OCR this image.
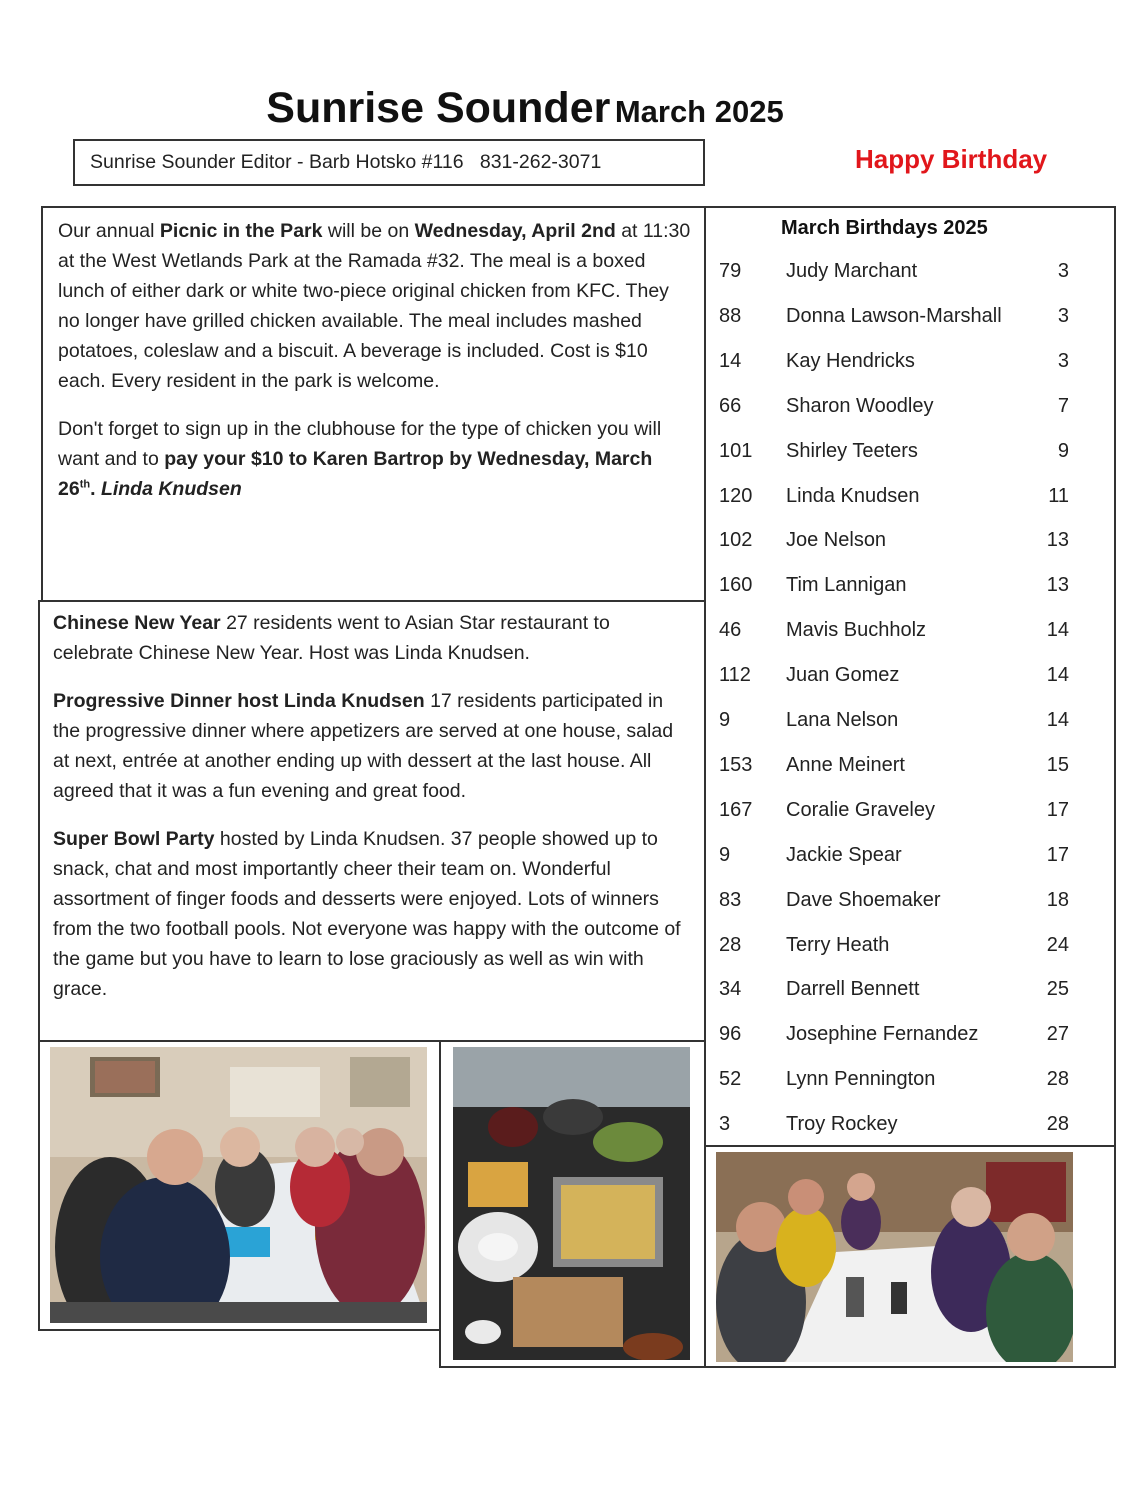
Sunrise Sounder March 2025
Sunrise Sounder Editor - Barb Hotsko #116   831-262-3071	Happy Birthday

Our annual Picnic in the Park will be on Wednesday, April 2nd at 11:30 at the West Wetlands Park at the Ramada #32. The meal is a boxed lunch of either dark or white two-piece original chicken from KFC. They no longer have grilled chicken available. The meal includes mashed potatoes, coleslaw and a biscuit. A beverage is included. Cost is $10 each. Every resident in the park is welcome.

Don't forget to sign up in the clubhouse for the type of chicken you will want and to pay your $10 to Karen Bartrop by Wednesday, March 26th. Linda Knudsen

Chinese New Year 27 residents went to Asian Star restaurant to celebrate Chinese New Year. Host was Linda Knudsen.

Progressive Dinner host Linda Knudsen 17 residents participated in the progressive dinner where appetizers are served at one house, salad at next, entrée at another ending up with dessert at the last house. All agreed that it was a fun evening and great food.

Super Bowl Party hosted by Linda Knudsen. 37 people showed up to snack, chat and most importantly cheer their team on. Wonderful assortment of finger foods and desserts were enjoyed. Lots of winners from the two football pools. Not everyone was happy with the outcome of the game but you have to learn to lose graciously as well as win with grace.

March Birthdays 2025
79 Judy Marchant	3
88 Donna Lawson-Marshall	3
14 Kay Hendricks	3
66 Sharon Woodley	7
101 Shirley Teeters	9
120 Linda Knudsen	11
102 Joe Nelson	13
160 Tim Lannigan	13
46 Mavis Buchholz	14
112 Juan Gomez	14
9	Lana Nelson	14
153 Anne Meinert	15
167 Coralie Graveley	17
9	Jackie Spear	17
83 Dave Shoemaker	18
28 Terry Heath	24
34 Darrell Bennett	25
96 Josephine Fernandez	27
52 Lynn Pennington	28
3	Troy Rockey	28
